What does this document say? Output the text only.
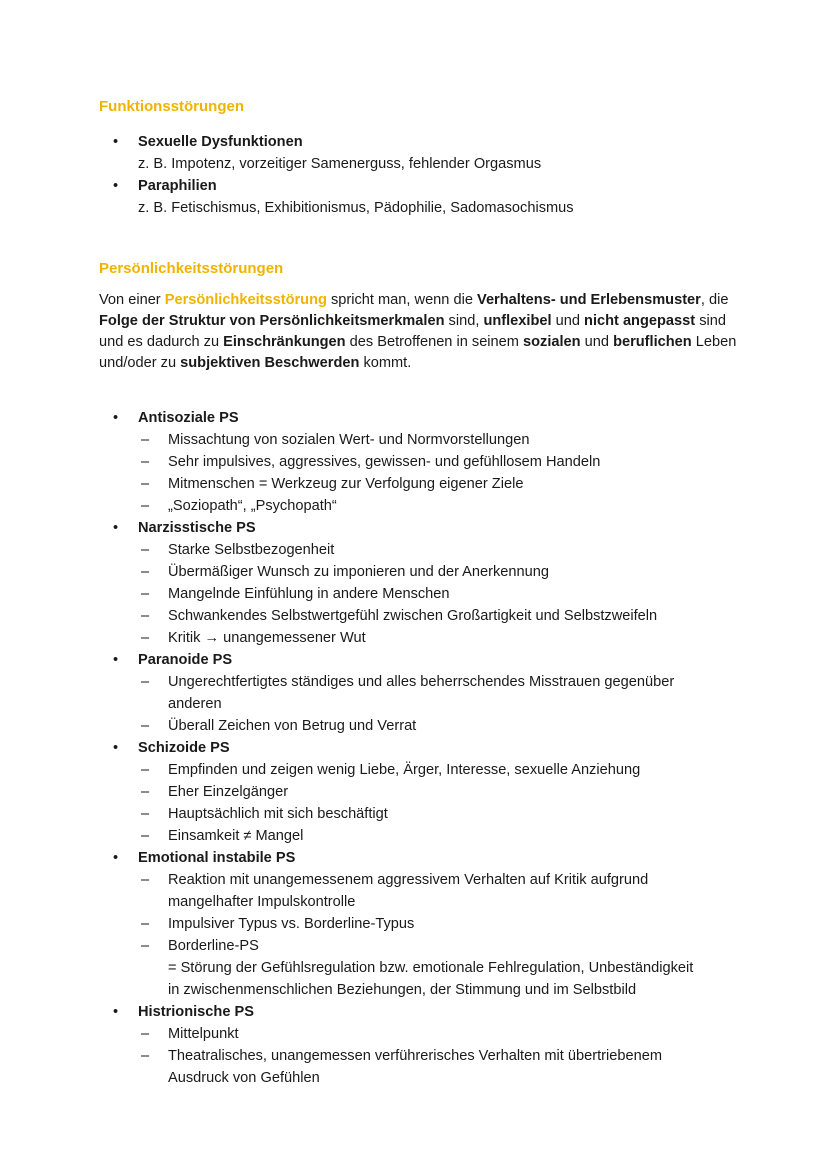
Funktionsstörungen
• Sexuelle Dysfunktionen
z. B. Impotenz, vorzeitiger Samenerguss, fehlender Orgasmus
• Paraphilien
z. B. Fetischismus, Exhibitionismus, Pädophilie, Sadomasochismus
Persönlichkeitsstörungen
Von einer Persönlichkeitsstörung spricht man, wenn die Verhaltens- und Erlebensmuster, die Folge der Struktur von Persönlichkeitsmerkmalen sind, unflexibel und nicht angepasst sind und es dadurch zu Einschränkungen des Betroffenen in seinem sozialen und beruflichen Leben und/oder zu subjektiven Beschwerden kommt.
• Antisoziale PS
– Missachtung von sozialen Wert- und Normvorstellungen
– Sehr impulsives, aggressives, gewissen- und gefühllosem Handeln
– Mitmenschen = Werkzeug zur Verfolgung eigener Ziele
– „Soziopath“, „Psychopath“
• Narzisstische PS
– Starke Selbstbezogenheit
– Übermäßiger Wunsch zu imponieren und der Anerkennung
– Mangelnde Einfühlung in andere Menschen
– Schwankendes Selbstwertgefühl zwischen Großartigkeit und Selbstzweifeln
– Kritik → unangemessener Wut
• Paranoide PS
– Ungerechtfertigtes ständiges und alles beherrschendes Misstrauen gegenüber
anderen
– Überall Zeichen von Betrug und Verrat
• Schizoide PS
– Empfinden und zeigen wenig Liebe, Ärger, Interesse, sexuelle Anziehung
– Eher Einzelgänger
– Hauptsächlich mit sich beschäftigt
– Einsamkeit ≠ Mangel
• Emotional instabile PS
– Reaktion mit unangemessenem aggressivem Verhalten auf Kritik aufgrund
mangelhafter Impulskontrolle
– Impulsiver Typus vs. Borderline-Typus
– Borderline-PS
= Störung der Gefühlsregulation bzw. emotionale Fehlregulation, Unbeständigkeit
in zwischenmenschlichen Beziehungen, der Stimmung und im Selbstbild
• Histrionische PS
– Mittelpunkt
– Theatralisches, unangemessen verführerisches Verhalten mit übertriebenem
Ausdruck von Gefühlen
